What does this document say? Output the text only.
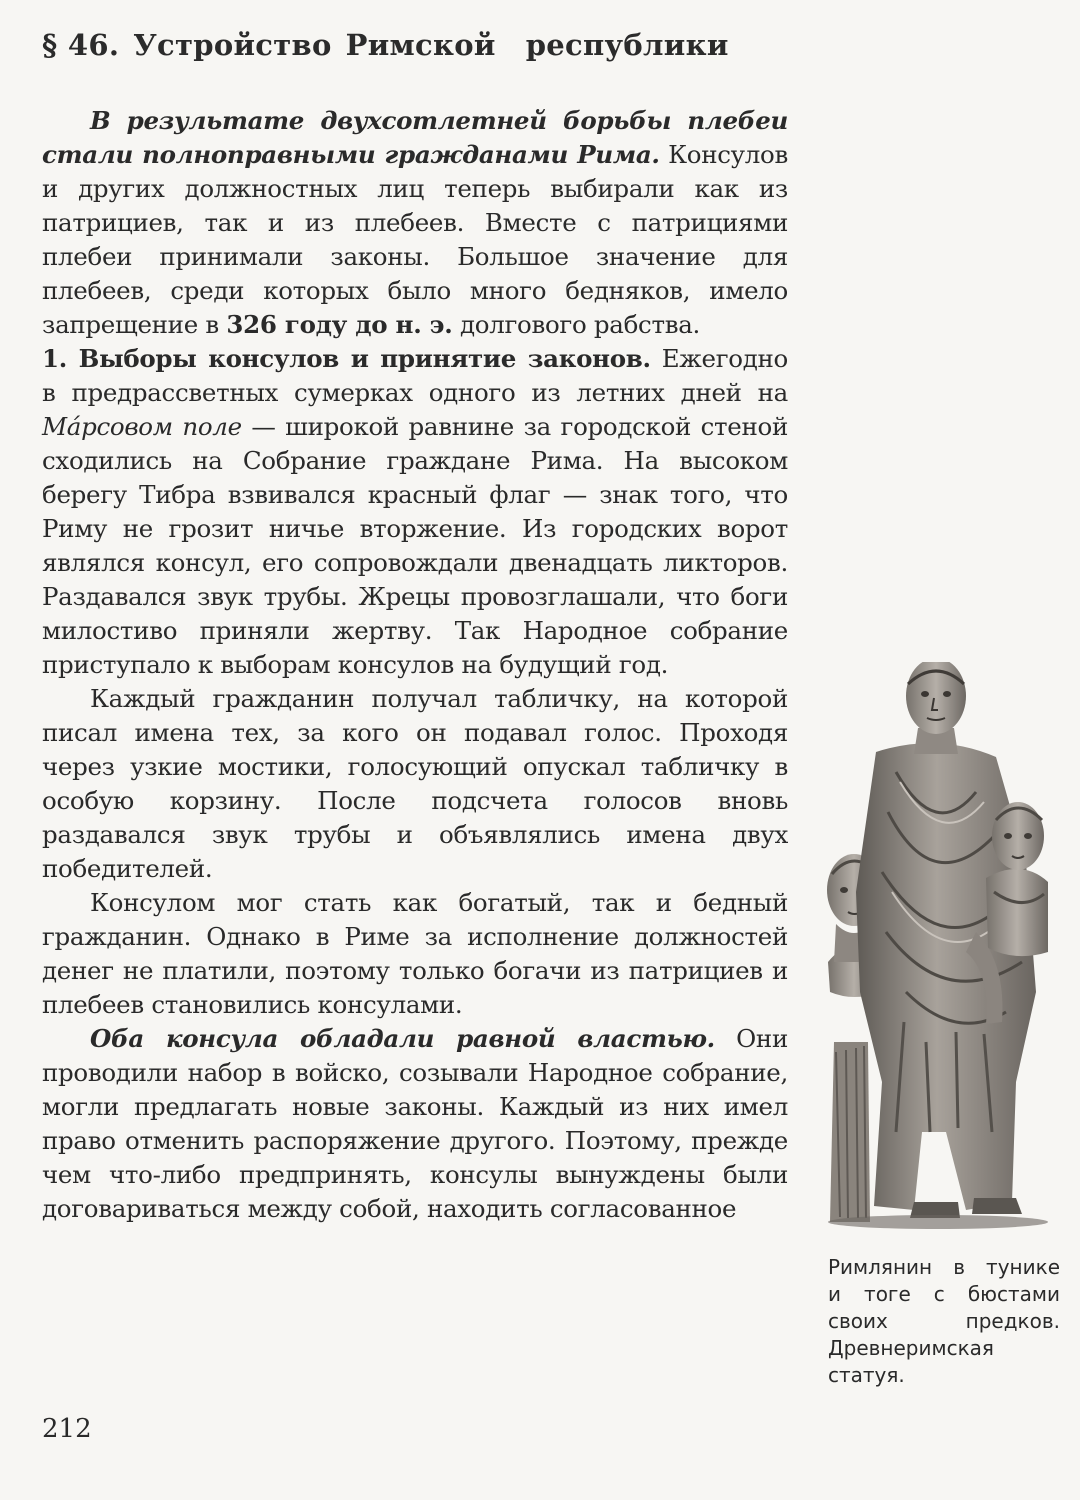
§ 46. Устройство Римской республики

В результате двухсотлетней борьбы плебеи стали полноправными гражданами Рима. Консулов и других должностных лиц теперь выбирали как из патрициев, так и из плебеев. Вместе с патрициями плебеи принимали законы. Большое значение для плебеев, среди которых было много бедняков, имело запрещение в 326 году до н. э. долгового рабства.

1. Выборы консулов и принятие законов. Ежегодно в предрассветных сумерках одного из летних дней на Ма́рсовом поле — широкой равнине за городской стеной сходились на Собрание граждане Рима. На высоком берегу Тибра взвивался красный флаг — знак того, что Риму не грозит ничье вторжение. Из городских ворот являлся консул, его сопровождали двенадцать ликторов. Раздавался звук трубы. Жрецы провозглашали, что боги милостиво приняли жертву. Так Народное собрание приступало к выборам консулов на будущий год.

Каждый гражданин получал табличку, на которой писал имена тех, за кого он подавал голос. Проходя через узкие мостики, голосующий опускал табличку в особую корзину. После подсчета голосов вновь раздавался звук трубы и объявлялись имена двух победителей.

Консулом мог стать как богатый, так и бедный гражданин. Однако в Риме за исполнение должностей денег не платили, поэтому только богачи из патрициев и плебеев становились консулами.

Оба консула обладали равной властью. Они проводили набор в войско, созывали Народное собрание, могли предлагать новые законы. Каждый из них имел право отменить распоряжение другого. Поэтому, прежде чем что-либо предпринять, консулы вынуждены были договариваться между собой, находить согласованное

Римлянин в тунике
и тоге с бюстами
своих предков.
Древнеримская
статуя.
212
